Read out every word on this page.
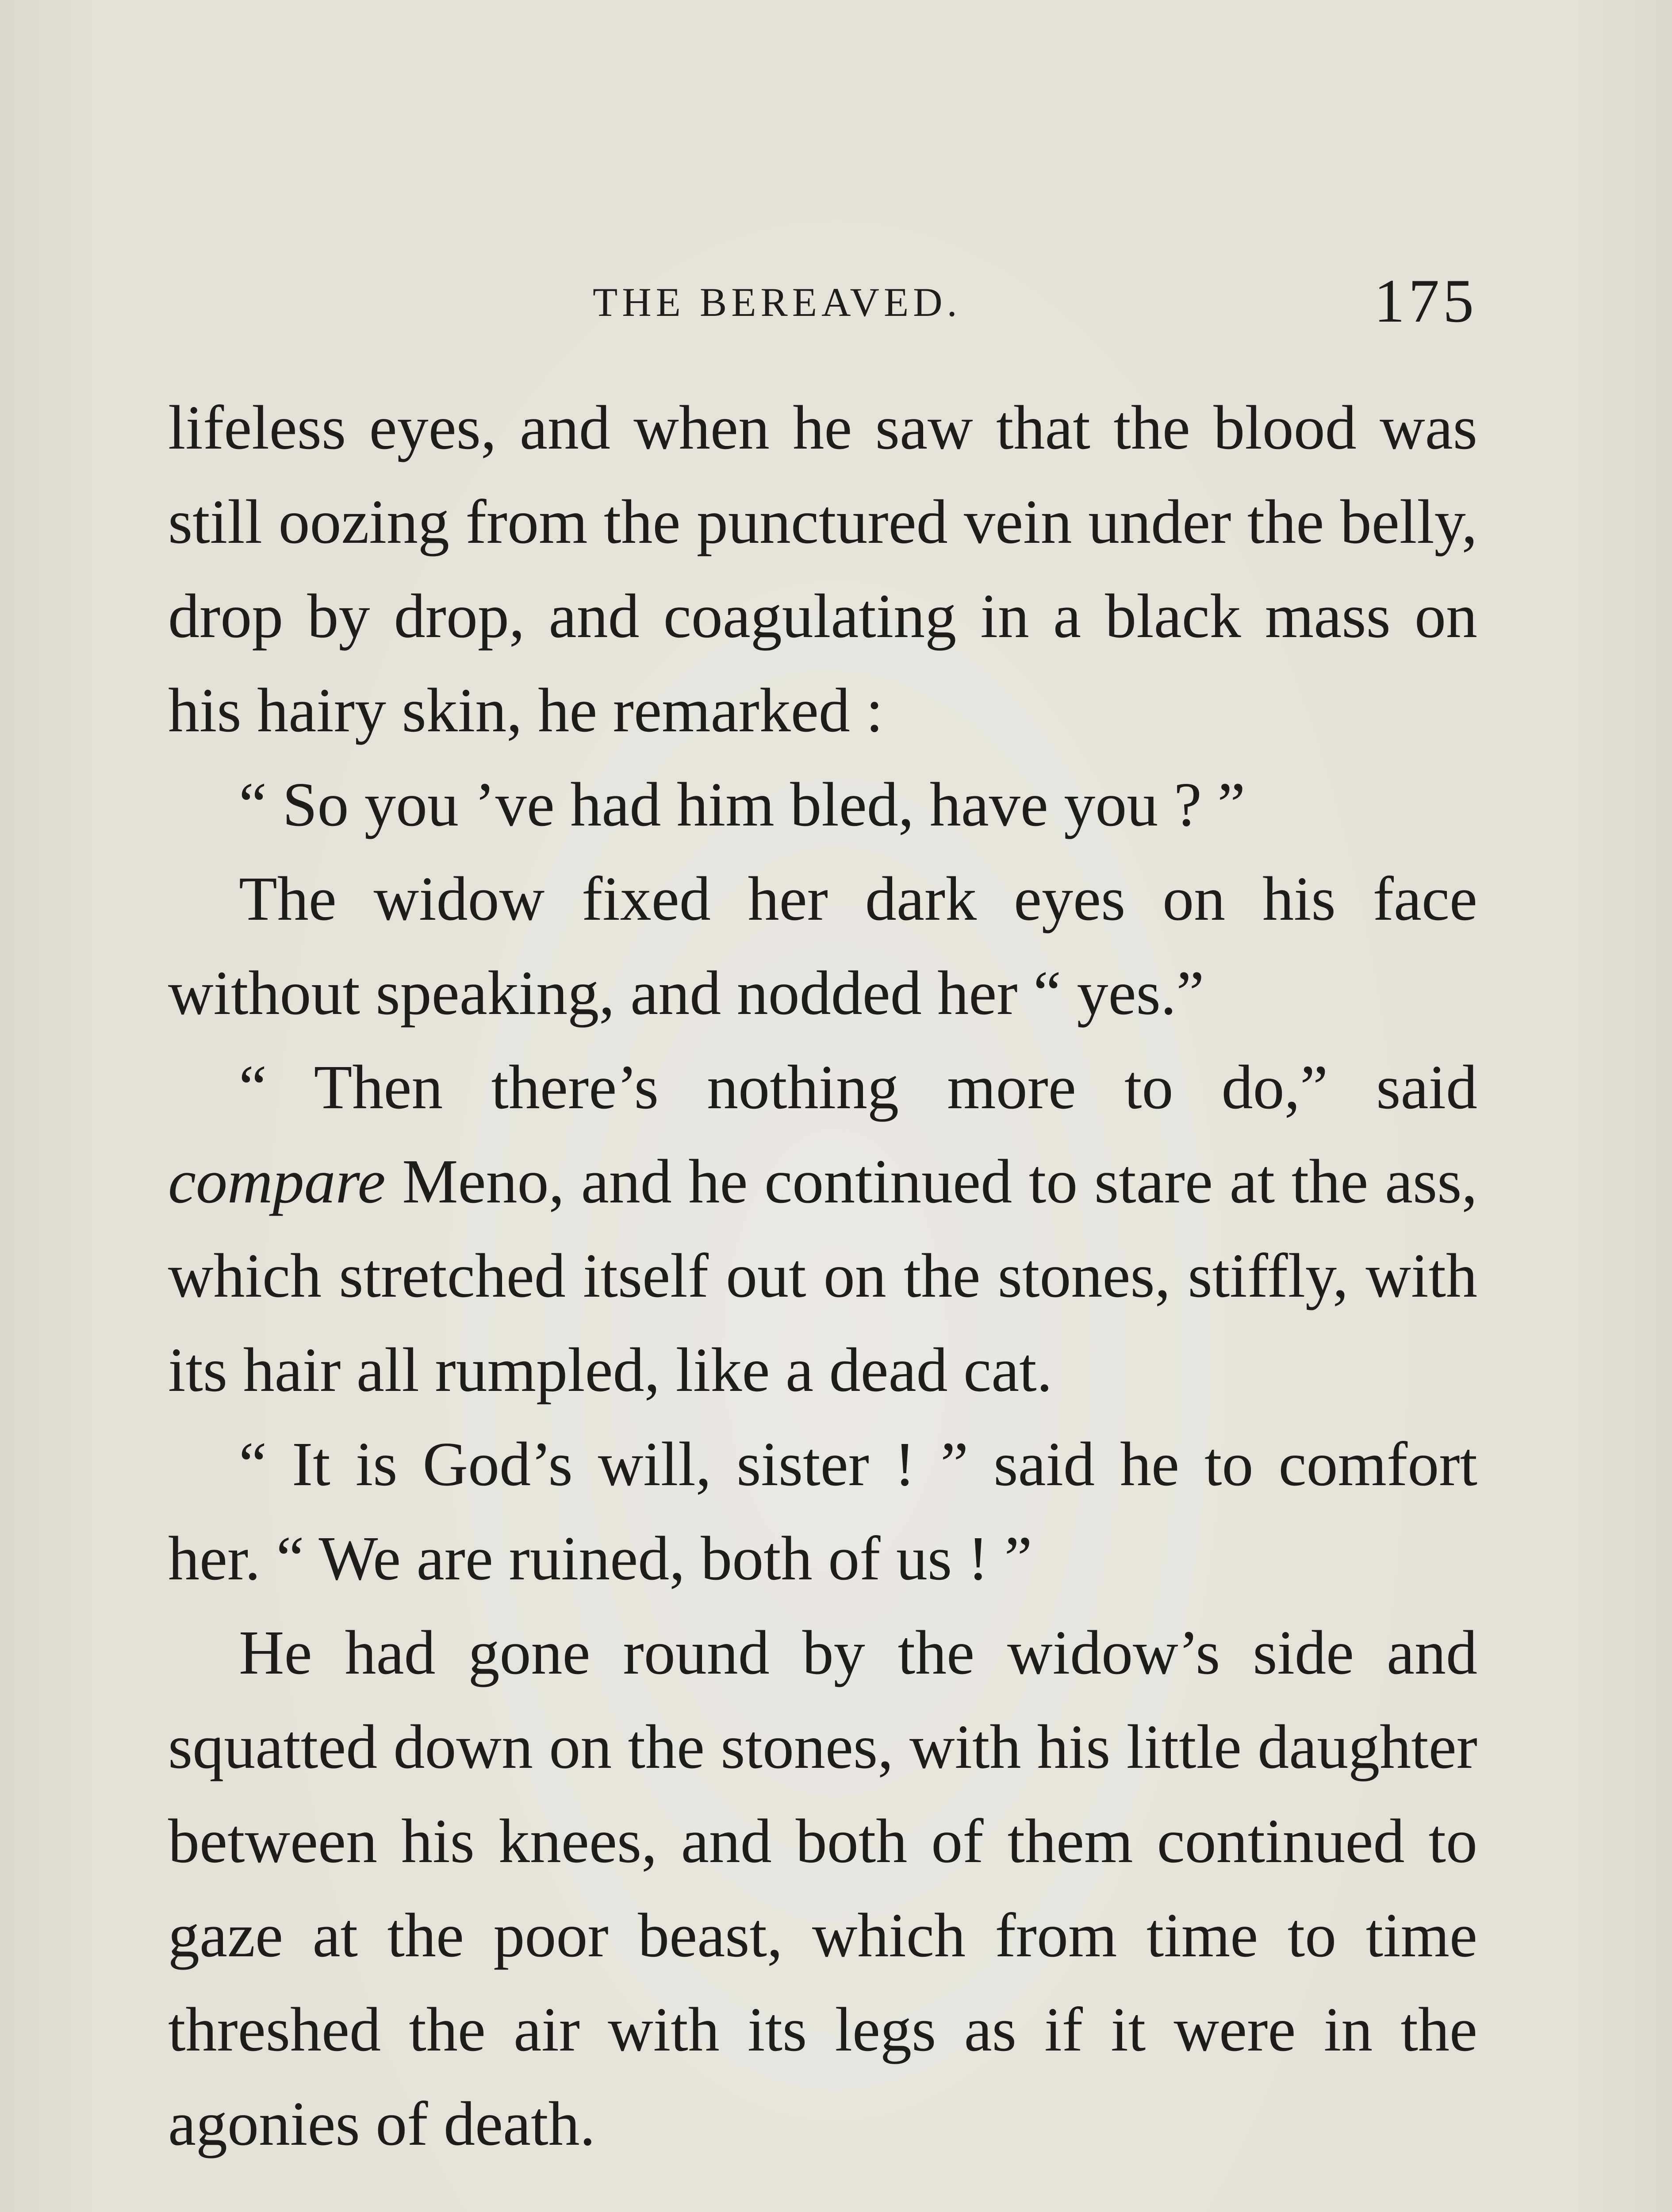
THE BEREAVED.	175

lifeless eyes, and when he saw that the blood was still oozing from the punctured vein under the belly, drop by drop, and coagulating in a black mass on his hairy skin, he remarked :

“ So you ’ve had him bled, have you ? ”

The widow fixed her dark eyes on his face without speaking, and nodded her “ yes.”

“ Then there’s nothing more to do,” said compare Meno, and he continued to stare at the ass, which stretched itself out on the stones, stiffly, with its hair all rumpled, like a dead cat.

“ It is God’s will, sister ! ” said he to comfort her. “ We are ruined, both of us ! ”

He had gone round by the widow’s side and squatted down on the stones, with his little daughter between his knees, and both of them continued to gaze at the poor beast, which from time to time threshed the air with its legs as if it were in the agonies of death.
